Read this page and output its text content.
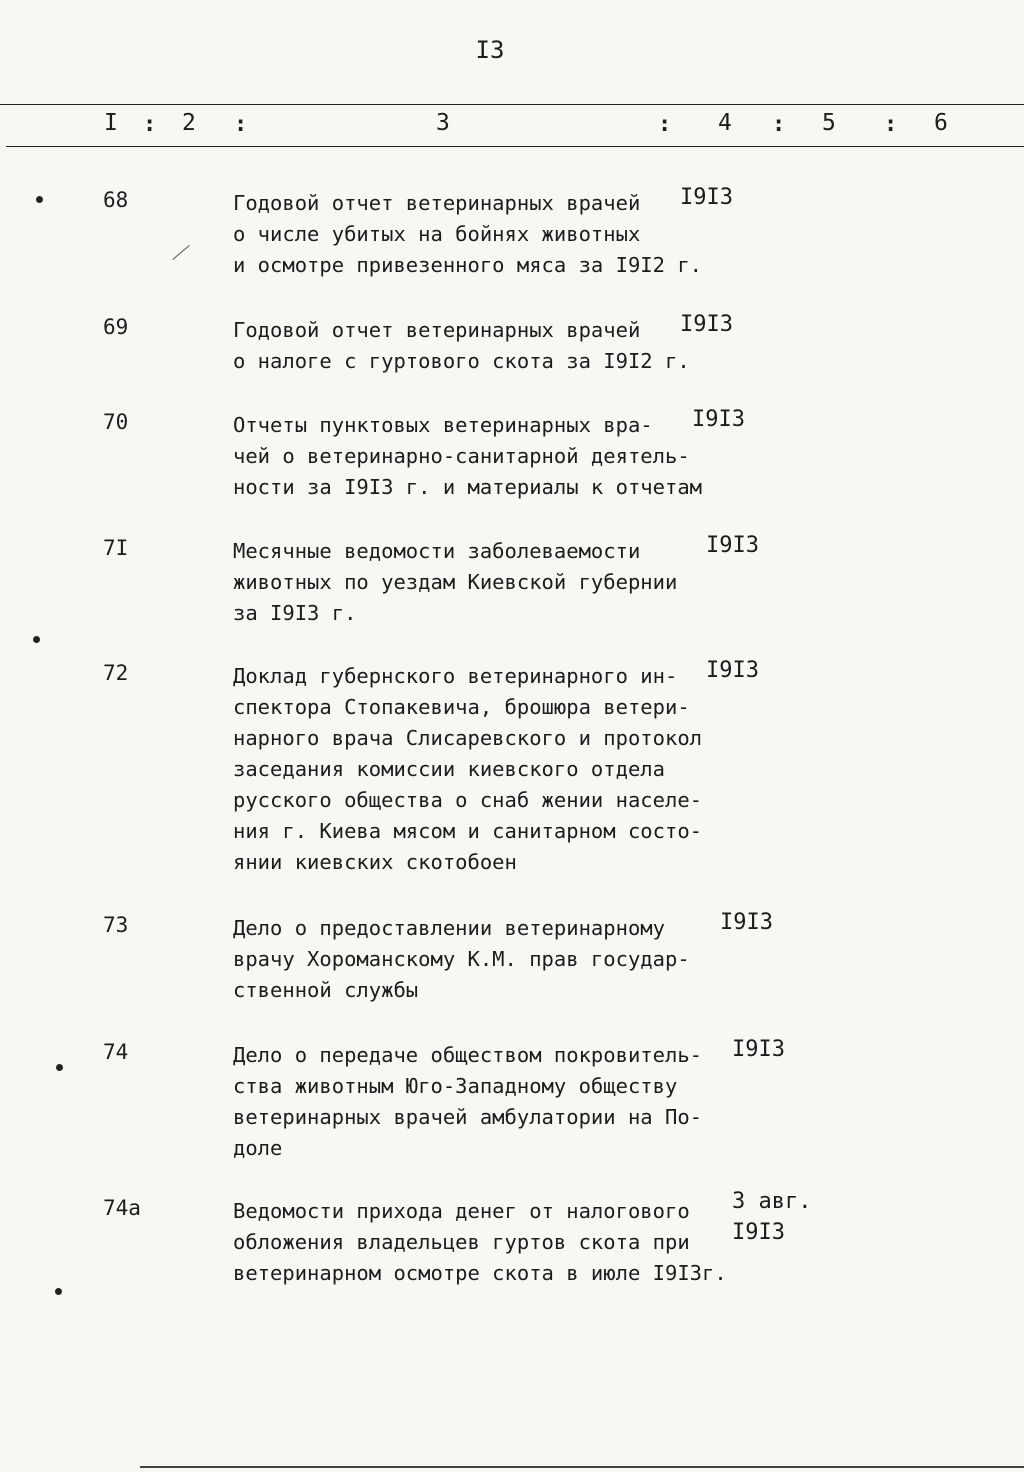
I3
I : 2 :	3	: 4 : 5 : 6
68	Годовой отчет ветеринарных врачей
о числе убитых на бойнях животных
и осмотре привезенного мяса за I9I2 г.
I9I3
69	Годовой отчет ветеринарных врачей
о налоге с гуртового скота за I9I2 г.
I9I3
70	Отчеты пунктовых ветеринарных вра-
чей о ветеринарно-санитарной деятель-
ности за I9I3 г. и материалы к отчетам
I9I3
7I	Месячные ведомости заболеваемости
животных по уездам Киевской губернии
за I9I3 г.
I9I3
72	Доклад губернского ветеринарного ин-
спектора Стопакевича, брошюра ветери-
нарного врача Слисаревского и протокол
заседания комиссии киевского отдела
русского общества о снаб жении населе-
ния г. Киева мясом и санитарном состо-
янии киевских скотобоен
I9I3
73	Дело о предоставлении ветеринарному
врачу Хороманскому К.М. прав государ-
ственной службы
I9I3
74	Дело о передаче обществом покровитель-
ства животным Юго-Западному обществу
ветеринарных врачей амбулатории на По-
доле
I9I3
74а	Ведомости прихода денег от налогового
обложения владельцев гуртов скота при
ветеринарном осмотре скота в июле I9I3г.
3 авг.
I9I3
